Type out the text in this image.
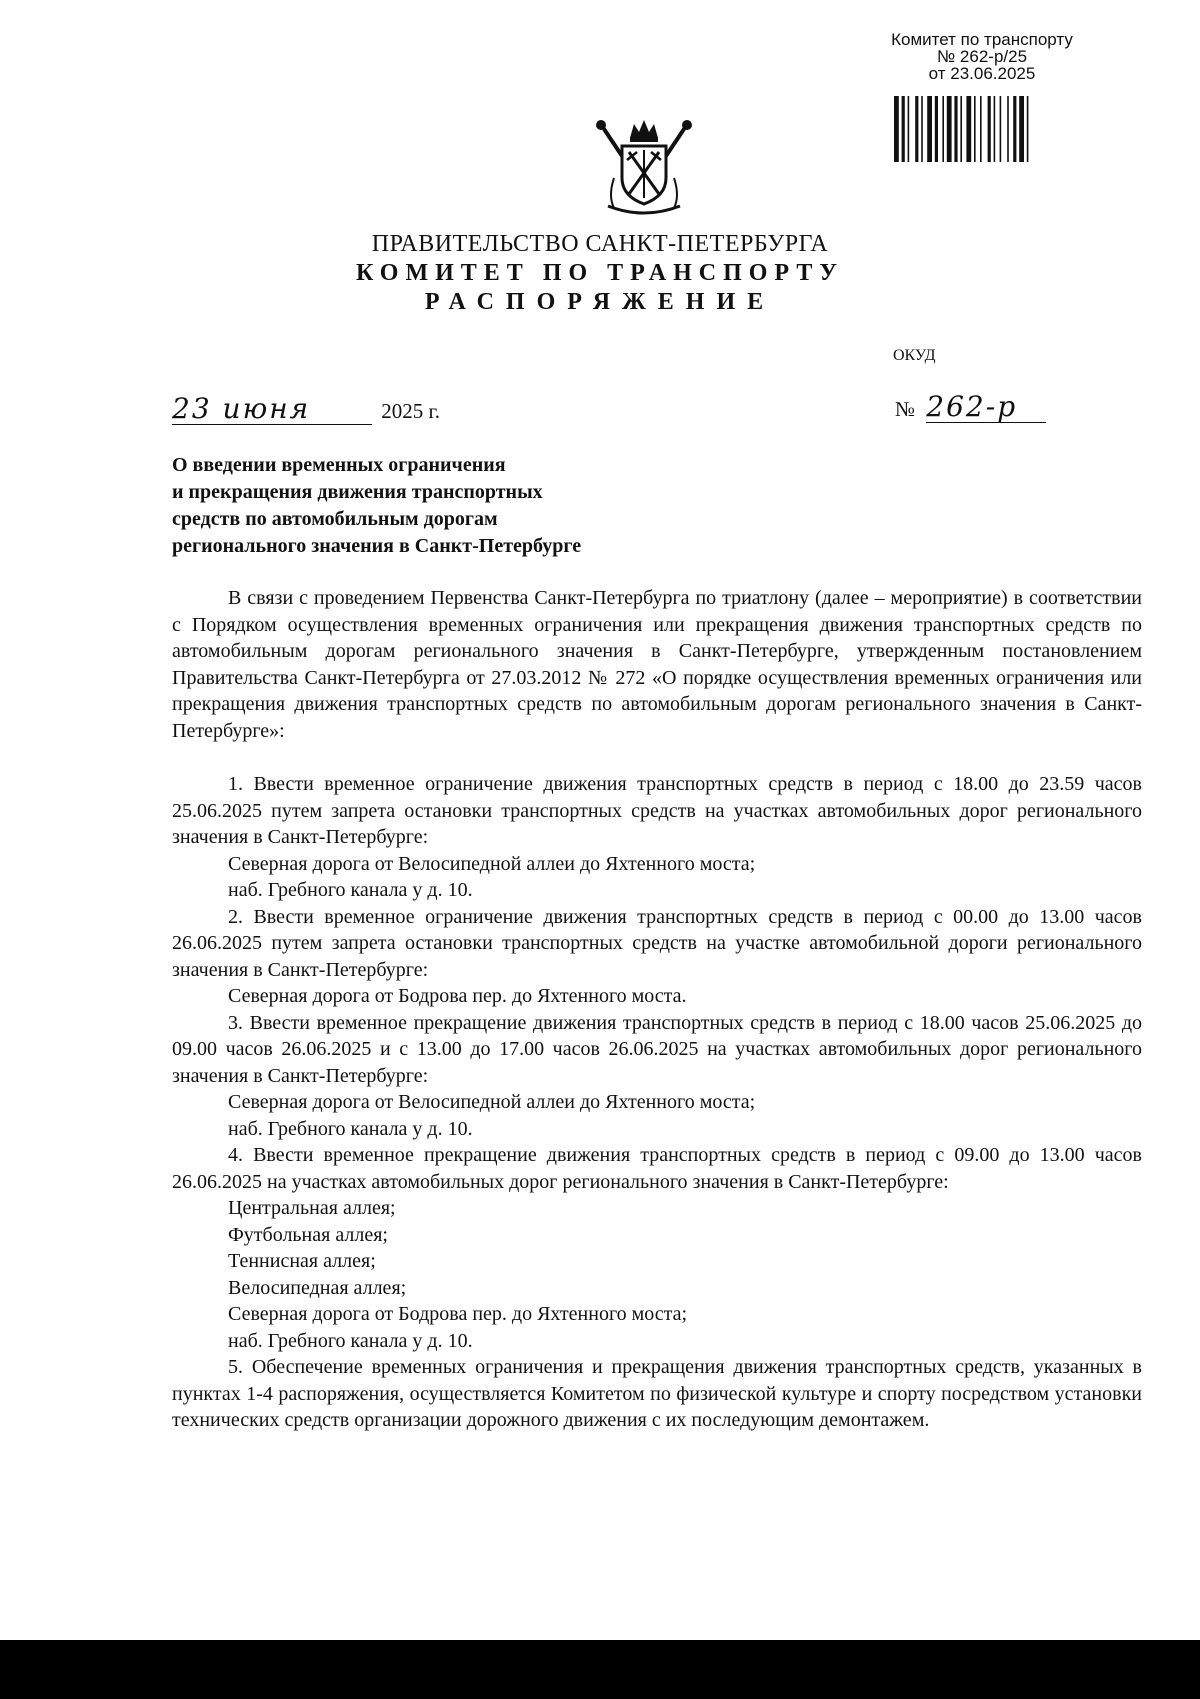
Комитет по транспорту
№ 262-р/25
от 23.06.2025
ПРАВИТЕЛЬСТВО САНКТ-ПЕТЕРБУРГА
КОМИТЕТ ПО ТРАНСПОРТУ
РАСПОРЯЖЕНИЕ
ОКУД
23 июня	2025 г.	№ 262-р
О введении временных ограничения
и прекращения движения транспортных
средств по автомобильным дорогам
регионального значения в Санкт-Петербурге

В связи с проведением Первенства Санкт-Петербурга по триатлону (далее – мероприятие) в соответствии с Порядком осуществления временных ограничения или прекращения движения транспортных средств по автомобильным дорогам регионального значения в Санкт-Петербурге, утвержденным постановлением Правительства Санкт-Петербурга от 27.03.2012 № 272 «О порядке осуществления временных ограничения или прекращения движения транспортных средств по автомобильным дорогам регионального значения в Санкт-Петербурге»:

1. Ввести временное ограничение движения транспортных средств в период с 18.00 до 23.59 часов 25.06.2025 путем запрета остановки транспортных средств на участках автомобильных дорог регионального значения в Санкт-Петербурге:

Северная дорога от Велосипедной аллеи до Яхтенного моста;

наб. Гребного канала у д. 10.

2. Ввести временное ограничение движения транспортных средств в период с 00.00 до 13.00 часов 26.06.2025 путем запрета остановки транспортных средств на участке автомобильной дороги регионального значения в Санкт-Петербурге:

Северная дорога от Бодрова пер. до Яхтенного моста.

3. Ввести временное прекращение движения транспортных средств в период с 18.00 часов 25.06.2025 до 09.00 часов 26.06.2025 и с 13.00 до 17.00 часов 26.06.2025 на участках автомобильных дорог регионального значения в Санкт-Петербурге:

Северная дорога от Велосипедной аллеи до Яхтенного моста;

наб. Гребного канала у д. 10.

4. Ввести временное прекращение движения транспортных средств в период с 09.00 до 13.00 часов 26.06.2025 на участках автомобильных дорог регионального значения в Санкт-Петербурге:

Центральная аллея;

Футбольная аллея;

Теннисная аллея;

Велосипедная аллея;

Северная дорога от Бодрова пер. до Яхтенного моста;

наб. Гребного канала у д. 10.

5. Обеспечение временных ограничения и прекращения движения транспортных средств, указанных в пунктах 1-4 распоряжения, осуществляется Комитетом по физической культуре и спорту посредством установки технических средств организации дорожного движения с их последующим демонтажем.
